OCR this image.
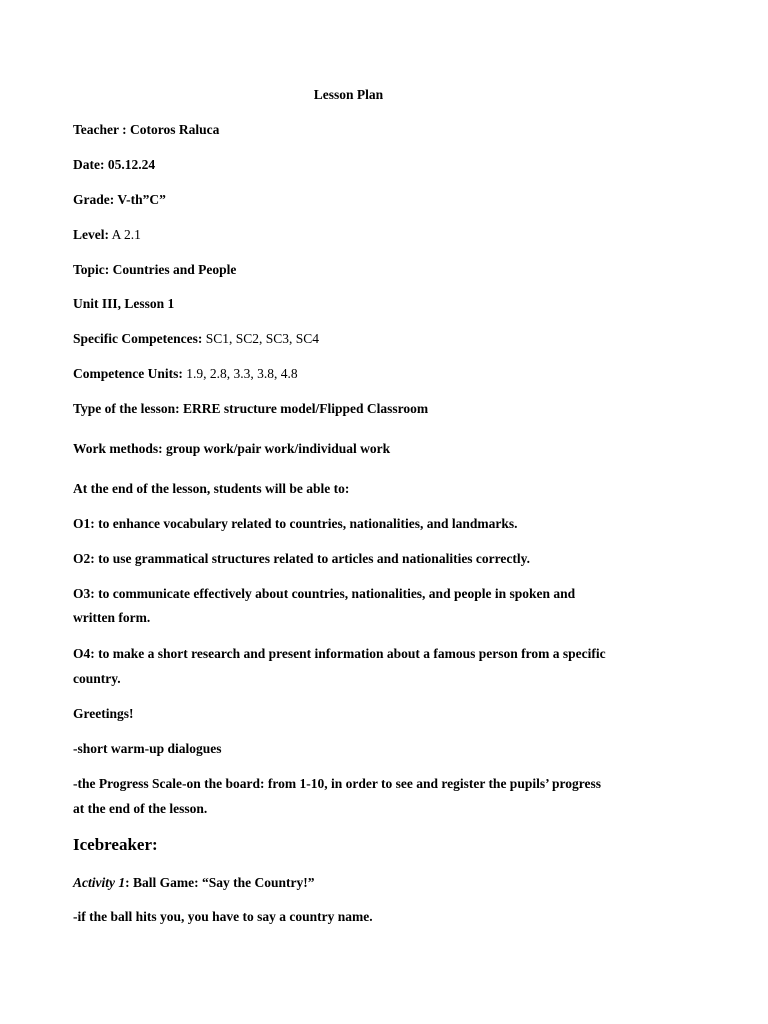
Lesson Plan
Teacher : Cotoros Raluca
Date: 05.12.24
Grade: V-th”C”
Level: A 2.1
Topic: Countries and People
Unit III, Lesson 1
Specific Competences: SC1, SC2, SC3, SC4
Competence Units: 1.9, 2.8, 3.3, 3.8, 4.8
Type of the lesson: ERRE structure model/Flipped Classroom
Work methods: group work/pair work/individual work
At the end of the lesson, students will be able to:
O1: to enhance vocabulary related to countries, nationalities, and landmarks.
O2: to use grammatical structures related to articles and nationalities correctly.
O3: to communicate effectively about countries, nationalities, and people in spoken and
written form.
O4: to make a short research and present information about a famous person from a specific
country.
Greetings!
-short warm-up dialogues
-the Progress Scale-on the board: from 1-10, in order to see and register the pupils’ progress
at the end of the lesson.
Icebreaker:
Activity 1: Ball Game: “Say the Country!”
-if the ball hits you, you have to say a country name.
